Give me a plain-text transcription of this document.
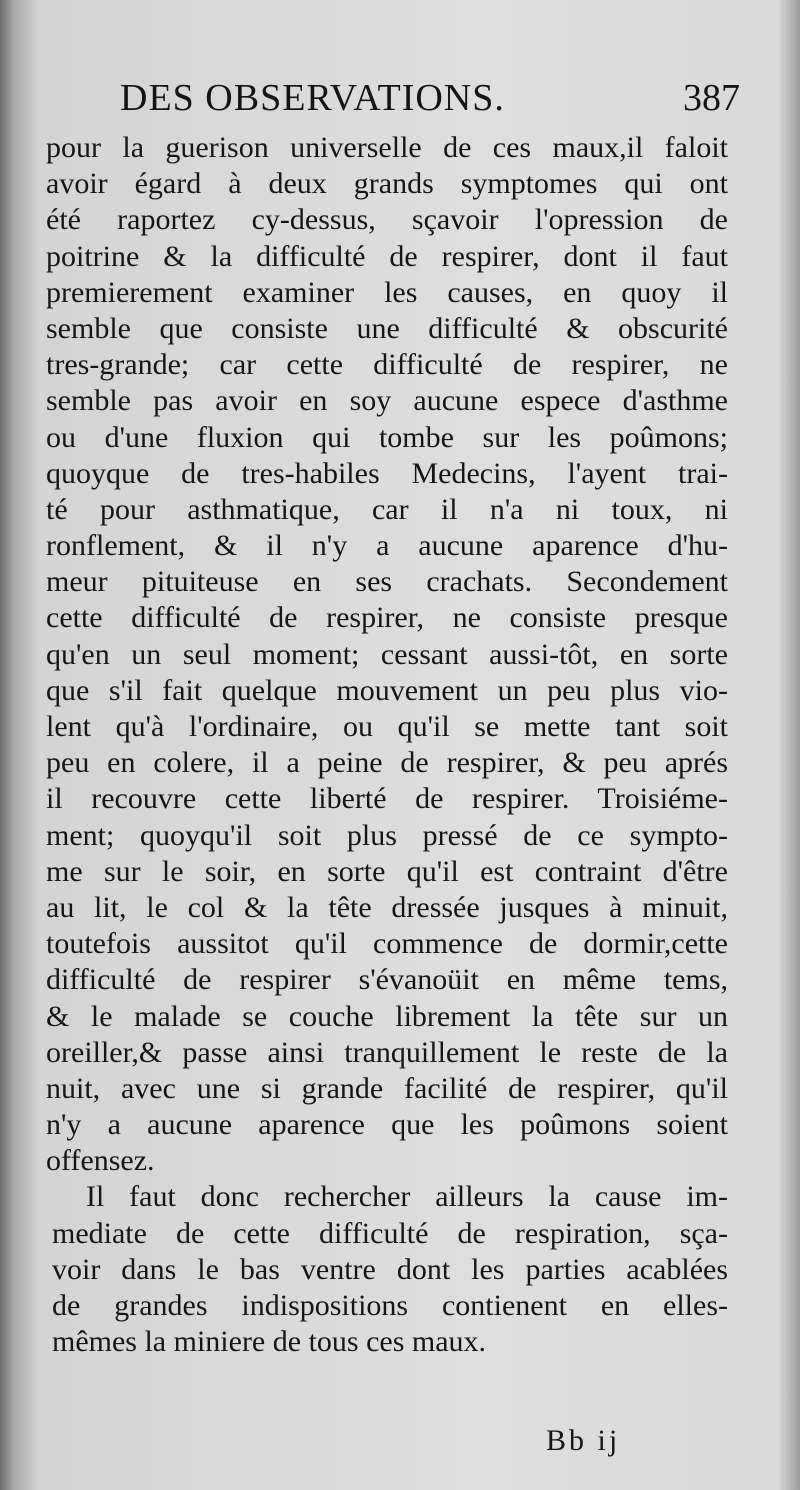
DES OBSERVATIONS.	387
pour la guerison universelle de ces maux,il faloit
avoir égard à deux grands symptomes qui ont
été raportez cy-dessus, sçavoir l'opression de
poitrine & la difficulté de respirer, dont il faut
premierement examiner les causes, en quoy il
semble que consiste une difficulté & obscurité
tres-grande; car cette difficulté de respirer, ne
semble pas avoir en soy aucune espece d'asthme
ou d'une fluxion qui tombe sur les poûmons;
quoyque de tres-habiles Medecins, l'ayent trai-
té pour asthmatique, car il n'a ni toux, ni
ronflement, & il n'y a aucune aparence d'hu-
meur pituiteuse en ses crachats. Secondement
cette difficulté de respirer, ne consiste presque
qu'en un seul moment; cessant aussi-tôt, en sorte
que s'il fait quelque mouvement un peu plus vio-
lent qu'à l'ordinaire, ou qu'il se mette tant soit
peu en colere, il a peine de respirer, & peu aprés
il recouvre cette liberté de respirer. Troisiéme-
ment; quoyqu'il soit plus pressé de ce sympto-
me sur le soir, en sorte qu'il est contraint d'être
au lit, le col & la tête dressée jusques à minuit,
toutefois aussitot qu'il commence de dormir,cette
difficulté de respirer s'évanoüit en même tems,
& le malade se couche librement la tête sur un
oreiller,& passe ainsi tranquillement le reste de la
nuit, avec une si grande facilité de respirer, qu'il
n'y a aucune aparence que les poûmons soient
offensez.
Il faut donc rechercher ailleurs la cause im-
mediate de cette difficulté de respiration, sça-
voir dans le bas ventre dont les parties acablées
de grandes indispositions contienent en elles-
mêmes la miniere de tous ces maux.
Bb ij
